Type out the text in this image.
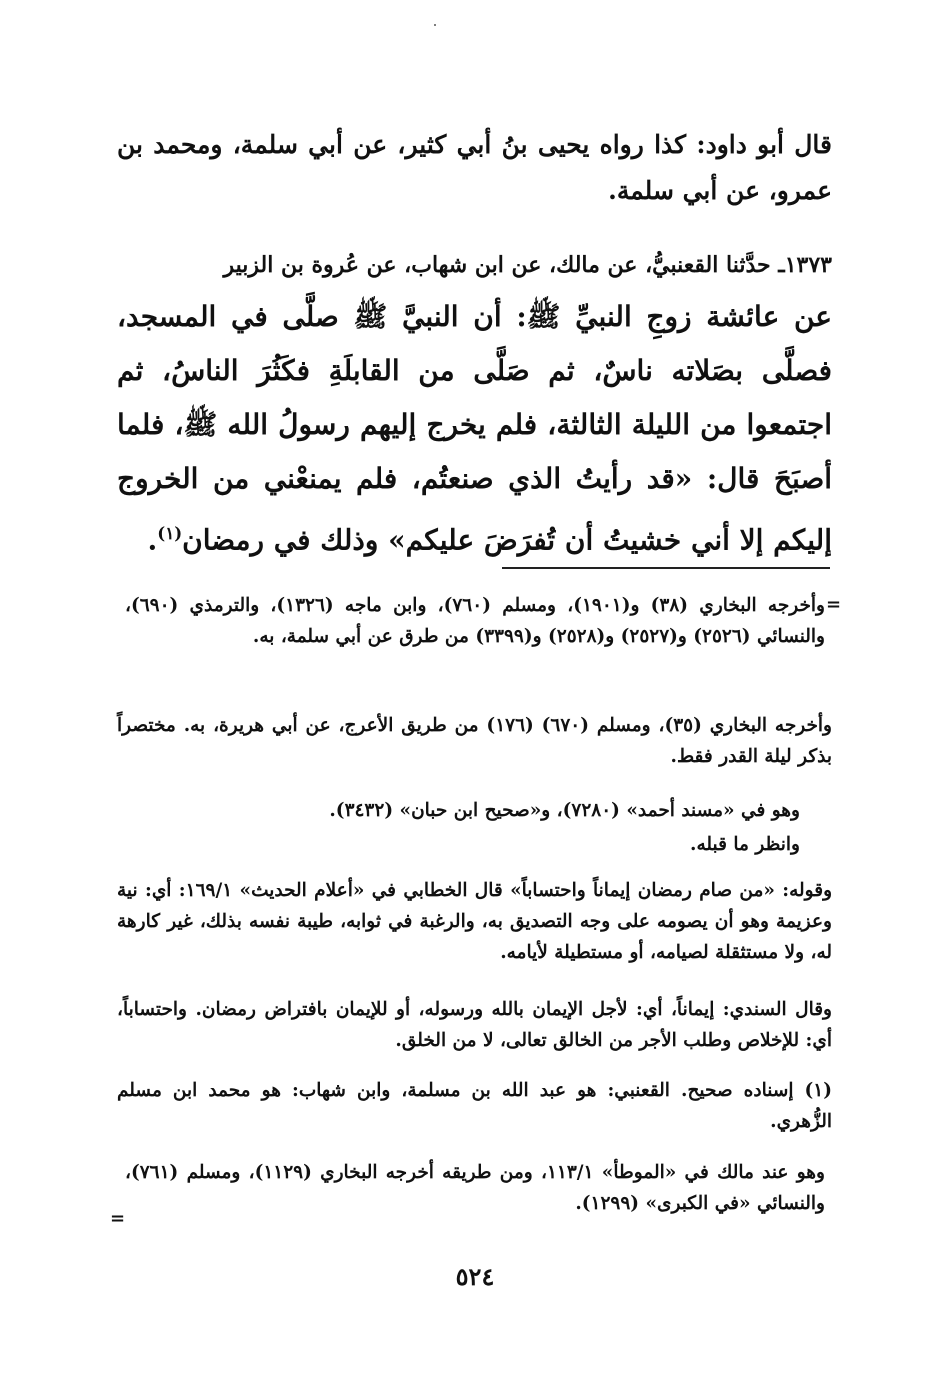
قال أبو داود: كذا رواه يحيى بنُ أبي كثير، عن أبي سلمة، ومحمد بن عمرو، عن أبي سلمة.

١٣٧٣ـ حدَّثنا القعنبيُّ، عن مالك، عن ابن شهاب، عن عُروة بن الزبير

عن عائشة زوجِ النبيِّ ﷺ: أن النبيَّ ﷺ صلَّى في المسجد، فصلَّى بصَلاته ناسٌ، ثم صَلَّى من القابلَةِ فكَثُرَ الناسُ، ثم اجتمعوا من الليلة الثالثة، فلم يخرج إليهم رسولُ الله ﷺ، فلما أصبَحَ قال: «قد رأيتُ الذي صنعتُم، فلم يمنعْني من الخروج إليكم إلا أني خشيتُ أن تُفرَضَ عليكم» وذلك في رمضان$^{(١)}$.

=

وأخرجه البخاري (٣٨) و(١٩٠١)، ومسلم (٧٦٠)، وابن ماجه (١٣٢٦)، والترمذي (٦٩٠)، والنسائي (٢٥٢٦) و(٢٥٢٧) و(٢٥٢٨) و(٣٣٩٩) من طرق عن أبي سلمة، به.

وأخرجه البخاري (٣٥)، ومسلم (٦٧٠) (١٧٦) من طريق الأعرج، عن أبي هريرة، به. مختصراً بذكر ليلة القدر فقط.

وهو في «مسند أحمد» (٧٢٨٠)، و«صحيح ابن حبان» (٣٤٣٢).

وانظر ما قبله.

وقوله: «من صام رمضان إيماناً واحتساباً» قال الخطابي في «أعلام الحديث» ١٦٩/١: أي: نية وعزيمة وهو أن يصومه على وجه التصديق به، والرغبة في ثوابه، طيبة نفسه بذلك، غير كارهة له، ولا مستثقلة لصيامه، أو مستطيلة لأيامه.

وقال السندي: إيماناً، أي: لأجل الإيمان بالله ورسوله، أو للإيمان بافتراض رمضان. واحتساباً، أي: للإخلاص وطلب الأجر من الخالق تعالى، لا من الخلق.

(١) إسناده صحيح. القعنبي: هو عبد الله بن مسلمة، وابن شهاب: هو محمد ابن مسلم الزُّهري.

وهو عند مالك في «الموطأ» ١١٣/١، ومن طريقه أخرجه البخاري (١١٢٩)، ومسلم (٧٦١)، والنسائي «في الكبرى» (١٢٩٩).

=
٥٢٤
